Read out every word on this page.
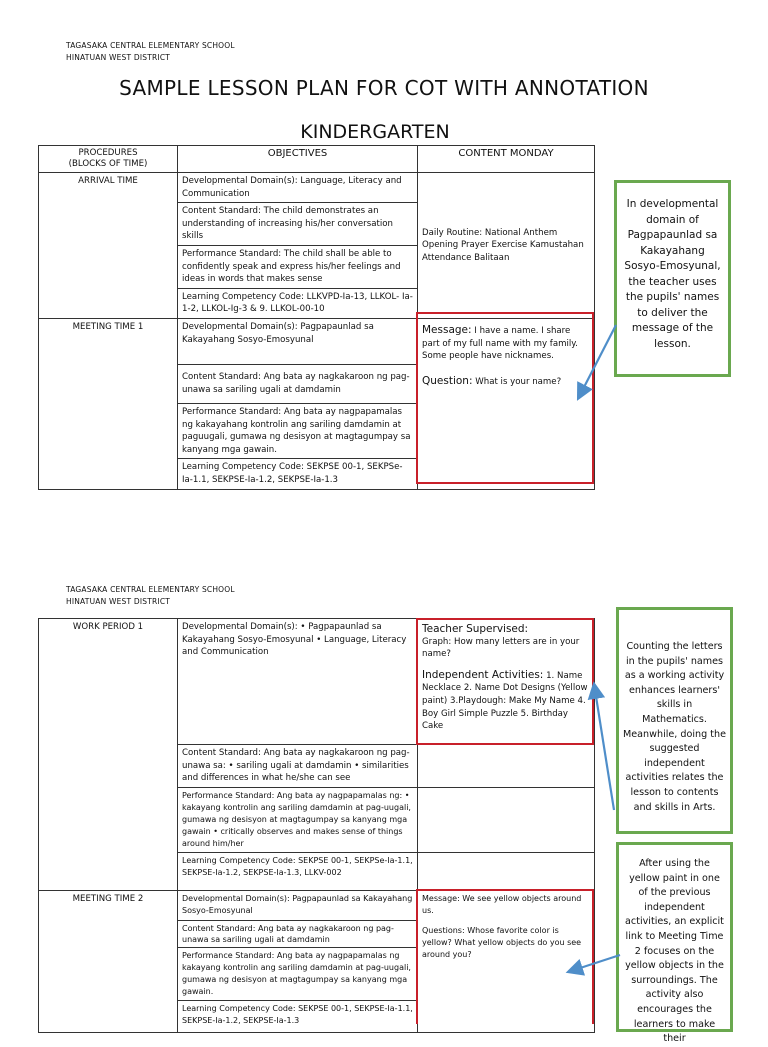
TAGASAKA CENTRAL ELEMENTARY SCHOOL
HINATUAN WEST DISTRICT
SAMPLE LESSON PLAN FOR COT WITH ANNOTATION
KINDERGARTEN
PROCEDURES
(BLOCKS OF TIME)	OBJECTIVES	CONTENT MONDAY
ARRIVAL TIME	Developmental Domain(s): Language, Literacy and Communication	Daily Routine: National Anthem Opening Prayer Exercise Kamustahan Attendance Balitaan
	Content Standard: The child demonstrates an understanding of increasing his/her conversation skills	
	Performance Standard: The child shall be able to confidently speak and express his/her feelings and ideas in words that makes sense	
	Learning Competency Code: LLKVPD-Ia-13, LLKOL- Ia-1-2, LLKOL-Ig-3 & 9. LLKOL-00-10	
MEETING TIME 1	Developmental Domain(s): Pagpapaunlad sa Kakayahang Sosyo-Emosyunal	Message: I have a name. I share part of my full name with my family. Some people have nicknames.
Question: What is your name?

	Content Standard: Ang bata ay nagkakaroon ng pag-unawa sa sariling ugali at damdamin	
	Performance Standard: Ang bata ay nagpapamalas ng kakayahang kontrolin ang sariling damdamin at paguugali, gumawa ng desisyon at magtagumpay sa kanyang mga gawain.	
	Learning Competency Code: SEKPSE 00-1, SEKPSe-Ia-1.1, SEKPSE-Ia-1.2, SEKPSE-Ia-1.3	
In developmental domain of Pagpapaunlad sa Kakayahang Sosyo-Emosyunal, the teacher uses the pupils' names to deliver the message of the lesson.
TAGASAKA CENTRAL ELEMENTARY SCHOOL
HINATUAN WEST DISTRICT
WORK PERIOD 1	Developmental Domain(s): • Pagpapaunlad sa Kakayahang Sosyo-Emosyunal • Language, Literacy and Communication	Teacher Supervised:
Graph: How many letters are in your name?
Independent Activities: 1. Name Necklace 2. Name Dot Designs (Yellow paint) 3.Playdough: Make My Name 4. Boy Girl Simple Puzzle 5. Birthday Cake

	Content Standard: Ang bata ay nagkakaroon ng pag-unawa sa: • sariling ugali at damdamin • similarities and differences in what he/she can see	
	Performance Standard: Ang bata ay nagpapamalas ng: • kakayang kontrolin ang sariling damdamin at pag-uugali, gumawa ng desisyon at magtagumpay sa kanyang mga gawain • critically observes and makes sense of things around him/her	
	Learning Competency Code: SEKPSE 00-1, SEKPSe-Ia-1.1, SEKPSE-Ia-1.2, SEKPSE-Ia-1.3, LLKV-002	
MEETING TIME 2	Developmental Domain(s): Pagpapaunlad sa Kakayahang Sosyo-Emosyunal	Message: We see yellow objects around us.
Questions: Whose favorite color is yellow? What yellow objects do you see around you?

	Content Standard: Ang bata ay nagkakaroon ng pag-unawa sa sariling ugali at damdamin	
	Performance Standard: Ang bata ay nagpapamalas ng kakayang kontrolin ang sariling damdamin at pag-uugali, gumawa ng desisyon at magtagumpay sa kanyang mga gawain.	
	Learning Competency Code: SEKPSE 00-1, SEKPSE-Ia-1.1, SEKPSE-Ia-1.2, SEKPSE-Ia-1.3	
Counting the letters in the pupils' names as a working activity enhances learners' skills in Mathematics.
Meanwhile, doing the suggested independent activities relates the lesson to contents and skills in Arts.
After using the yellow paint in one of the previous independent activities, an explicit link to Meeting Time 2 focuses on the yellow objects in the surroundings. The activity also encourages the learners to make their
